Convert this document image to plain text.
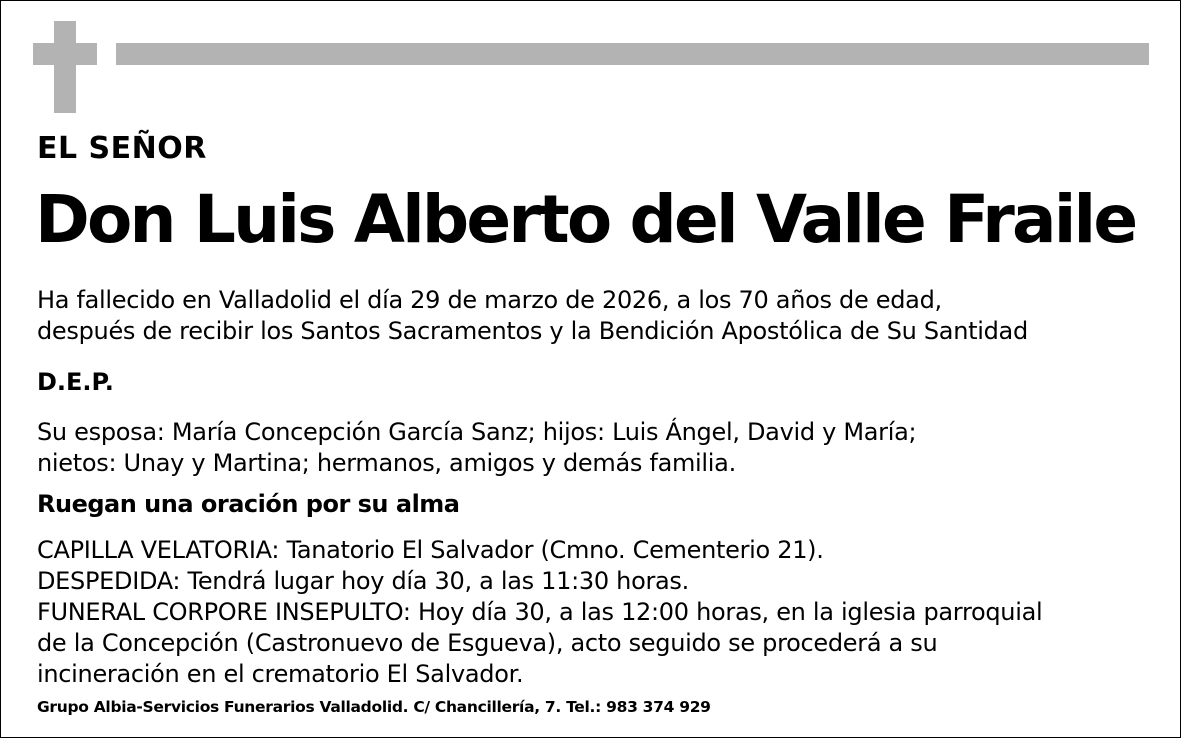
EL SEÑOR
Don Luis Alberto del Valle Fraile
Ha fallecido en Valladolid el día 29 de marzo de 2026, a los 70 años de edad,
después de recibir los Santos Sacramentos y la Bendición Apostólica de Su Santidad
D.E.P.
Su esposa: María Concepción García Sanz; hijos: Luis Ángel, David y María;
nietos: Unay y Martina; hermanos, amigos y demás familia.
Ruegan una oración por su alma
CAPILLA VELATORIA: Tanatorio El Salvador (Cmno. Cementerio 21).
DESPEDIDA: Tendrá lugar hoy día 30, a las 11:30 horas.
FUNERAL CORPORE INSEPULTO: Hoy día 30, a las 12:00 horas, en la iglesia parroquial
de la Concepción (Castronuevo de Esgueva), acto seguido se procederá a su
incineración en el crematorio El Salvador.
Grupo Albia-Servicios Funerarios Valladolid. C/ Chancillería, 7. Tel.: 983 374 929
